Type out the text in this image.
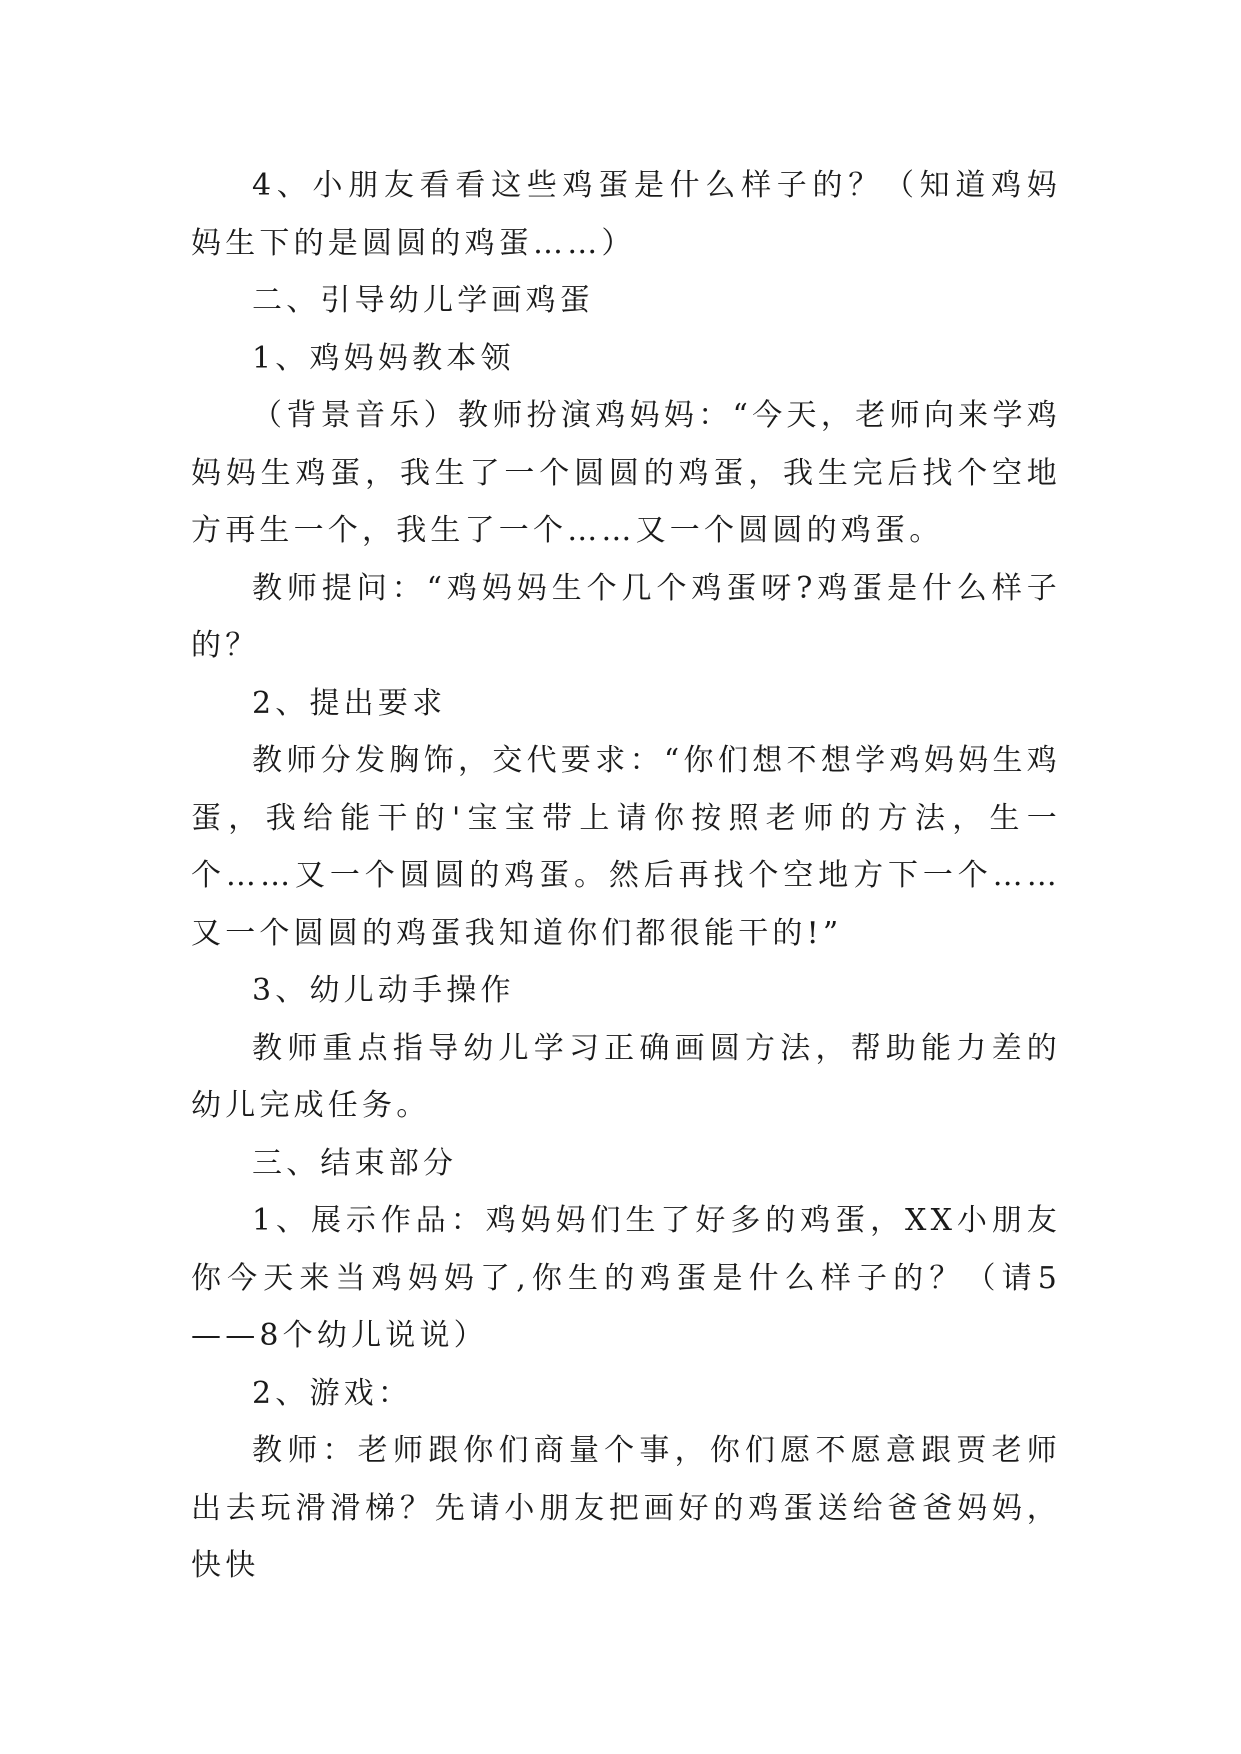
4、小朋友看看这些鸡蛋是什么样子的？（知道鸡妈妈生下的是圆圆的鸡蛋……）

二、引导幼儿学画鸡蛋

1、鸡妈妈教本领

（背景音乐）教师扮演鸡妈妈：“今天，老师向来学鸡妈妈生鸡蛋，我生了一个圆圆的鸡蛋，我生完后找个空地方再生一个，我生了一个……又一个圆圆的鸡蛋。

教师提问：“鸡妈妈生个几个鸡蛋呀?鸡蛋是什么样子的？

2、提出要求

教师分发胸饰，交代要求：“你们想不想学鸡妈妈生鸡蛋，我给能干的'宝宝带上请你按照老师的方法，生一个……又一个圆圆的鸡蛋。然后再找个空地方下一个……又一个圆圆的鸡蛋我知道你们都很能干的!”

3、幼儿动手操作

教师重点指导幼儿学习正确画圆方法，帮助能力差的幼儿完成任务。

三、结束部分

1、展示作品：鸡妈妈们生了好多的鸡蛋，XX小朋友你今天来当鸡妈妈了,你生的鸡蛋是什么样子的？（请5——8个幼儿说说）

2、游戏：

教师：老师跟你们商量个事，你们愿不愿意跟贾老师出去玩滑滑梯？先请小朋友把画好的鸡蛋送给爸爸妈妈，快快
